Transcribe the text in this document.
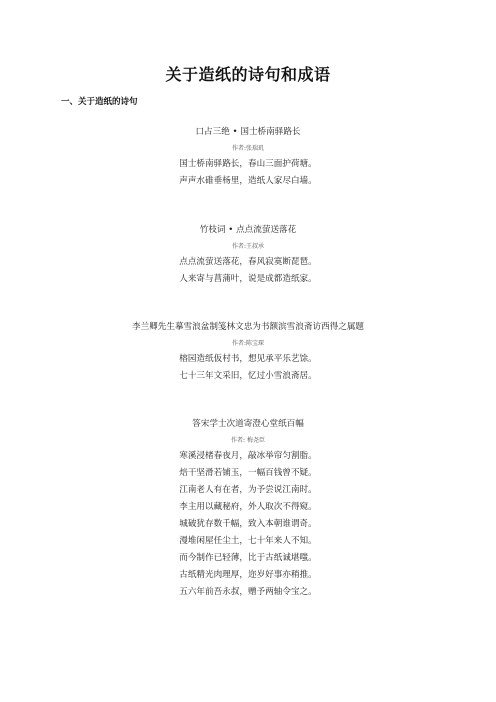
关于造纸的诗句和成语
一、关于造纸的诗句
口占三绝 • 国士桥南驿路长
作者:张瑞玑
国士桥南驿路长，春山三面护荷塘。
声声水碓垂杨里，造纸人家尽白墙。
竹枝词 • 点点流萤送落花
作者:王叔承
点点流萤送落花，春风寂寞断琵琶。
人来寄与菖蒲叶，说是成都造纸家。
李兰卿先生摹雪浪盆制笺林文忠为书额滨雪浪斋访西得之属题
作者:陈宝琛
榕园造纸仮村书，想见承平乐艺馀。
七十三年文采旧，忆过小雪浪斋居。
答宋学士次道寄澄心堂纸百幅
作者: 梅尧臣
寒溪浸楮春夜月，敲冰举帘匀割脂。
焙干坚滑若铺玉，一幅百钱曾不疑。
江南老人有在者，为予尝说江南时。
李主用以藏秘府，外人取次不得窥。
城破犹存数千幅，致入本朝谁谓奇。
漫堆闲屋任尘土，七十年来人不知。
而今制作已轻薄，比于古纸诚堪嗤。
古纸精光肉理厚，迩岁好事亦稍推。
五六年前吾永叔，赠予两轴令宝之。
